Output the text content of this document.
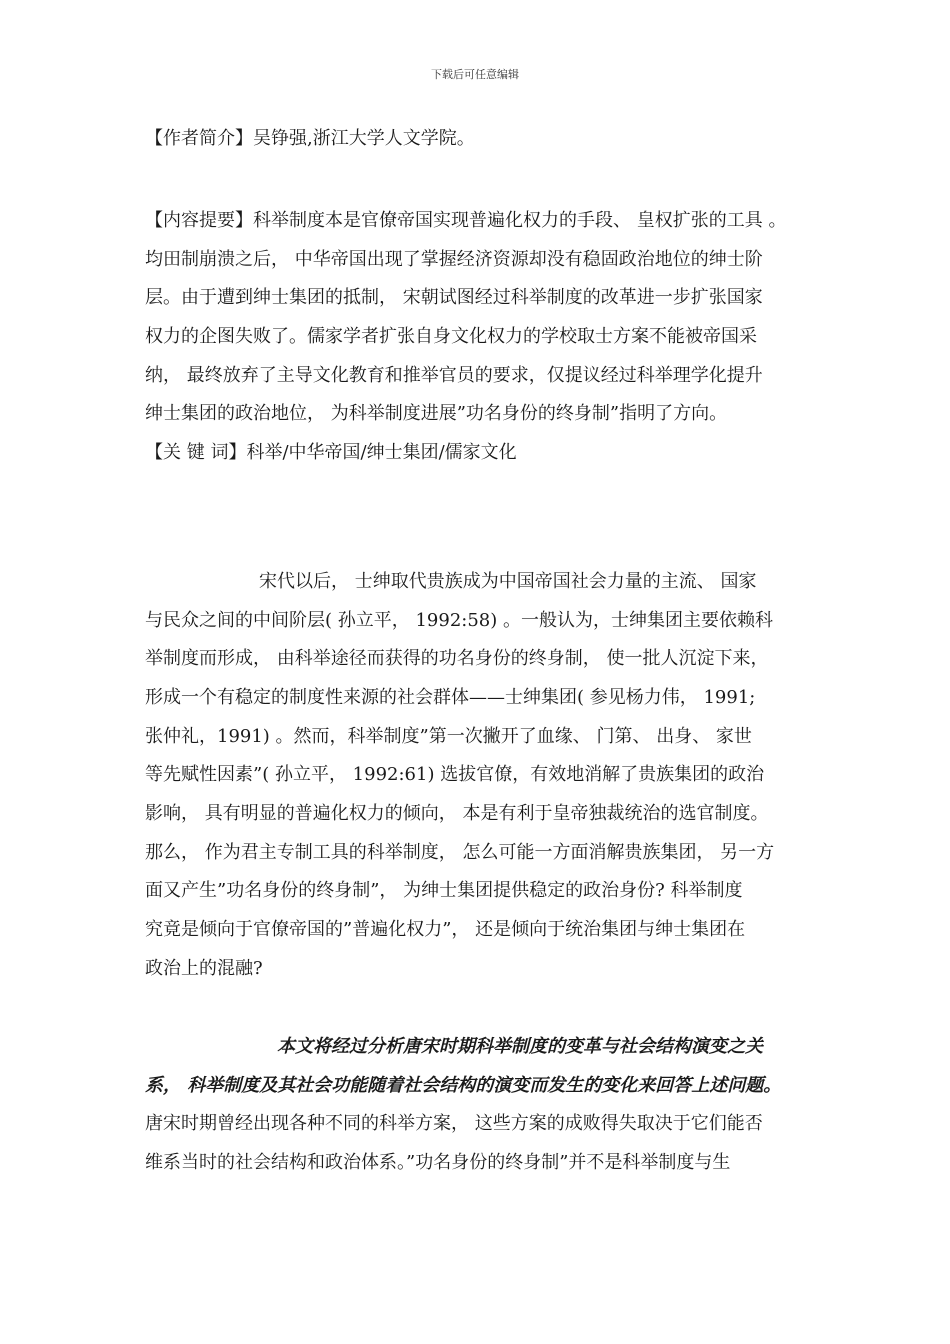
下载后可任意编辑
【作者简介】吴铮强,浙江大学人文学院。
【内容提要】科举制度本是官僚帝国实现普遍化权力的手段、 皇权扩张的工具 。
均田制崩溃之后， 中华帝国出现了掌握经济资源却没有稳固政治地位的绅士阶
层。由于遭到绅士集团的抵制， 宋朝试图经过科举制度的改革进一步扩张国家
权力的企图失败了。儒家学者扩张自身文化权力的学校取士方案不能被帝国采
纳， 最终放弃了主导文化教育和推举官员的要求，仅提议经过科举理学化提升
绅士集团的政治地位， 为科举制度进展”功名身份的终身制”指明了方向。
【关 键 词】科举/中华帝国/绅士集团/儒家文化
宋代以后， 士绅取代贵族成为中国帝国社会力量的主流、 国家
与民众之间的中间阶层( 孙立平， 1992:58) 。一般认为，士绅集团主要依赖科
举制度而形成， 由科举途径而获得的功名身份的终身制， 使一批人沉淀下来，
形成一个有稳定的制度性来源的社会群体——士绅集团( 参见杨力伟， 1991;
张仲礼，1991) 。然而，科举制度”第一次撇开了血缘、 门第、 出身、 家世
等先赋性因素”( 孙立平， 1992:61) 选拔官僚，有效地消解了贵族集团的政治
影响， 具有明显的普遍化权力的倾向， 本是有利于皇帝独裁统治的选官制度。
那么， 作为君主专制工具的科举制度， 怎么可能一方面消解贵族集团， 另一方
面又产生”功名身份的终身制”， 为绅士集团提供稳定的政治身份? 科举制度
究竟是倾向于官僚帝国的”普遍化权力”， 还是倾向于统治集团与绅士集团在
政治上的混融?
本文将经过分析唐宋时期科举制度的变革与社会结构演变之关
系， 科举制度及其社会功能随着社会结构的演变而发生的变化来回答上述问题。
唐宋时期曾经出现各种不同的科举方案， 这些方案的成败得失取决于它们能否
维系当时的社会结构和政治体系。”功名身份的终身制”并不是科举制度与生
